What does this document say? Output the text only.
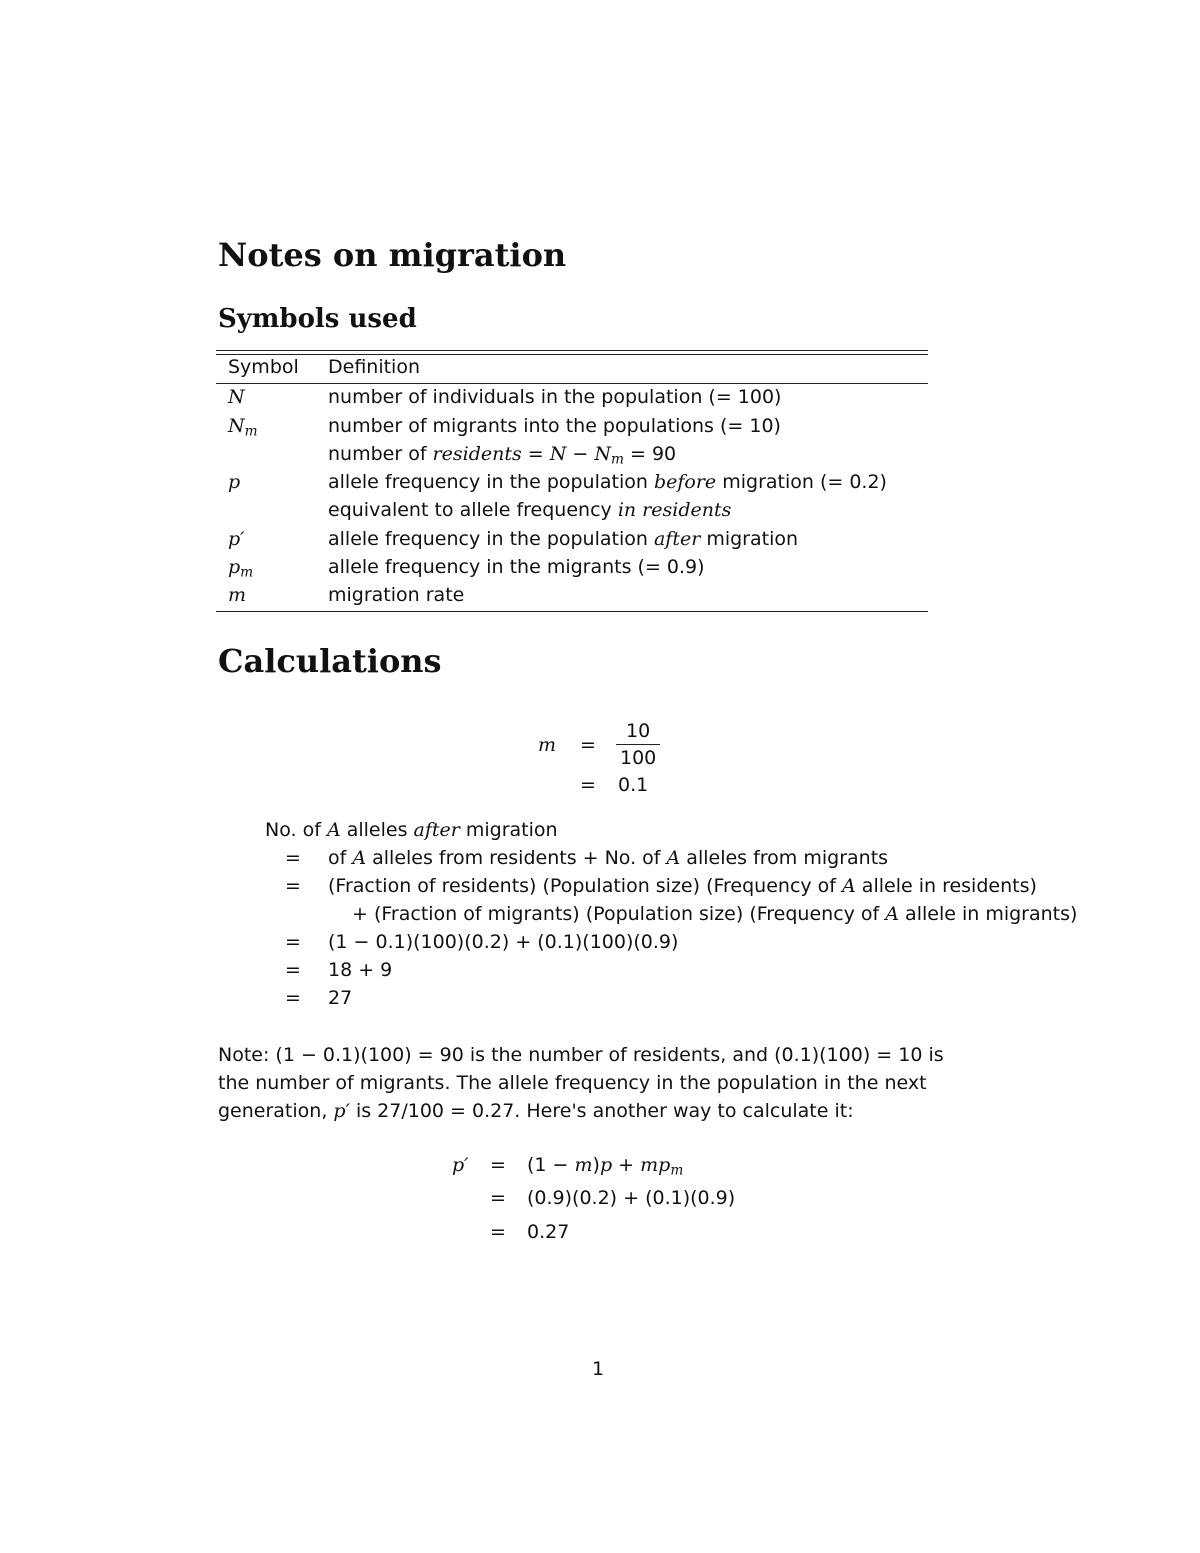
Notes on migration
Symbols used
Symbol Definition
N	number of individuals in the population (= 100)
$N_m$	number of migrants into the populations (= 10)
number of residents = $N - N_m = 90$
p	allele frequency in the population before migration (= 0.2)
equivalent to allele frequency in residents
p′	allele frequency in the population after migration
$p_m$	allele frequency in the migrants (= 0.9)
m	migration rate
Calculations
$m = \frac{10}{100}$
= 0.1
No. of A alleles after migration
= of A alleles from residents + No. of A alleles from migrants
= (Fraction of residents) (Population size) (Frequency of A allele in residents)
+ (Fraction of migrants) (Population size) (Frequency of A allele in migrants)
= (1 − 0.1)(100)(0.2) + (0.1)(100)(0.9)
= 18 + 9
= 27
Note: (1 − 0.1)(100) = 90 is the number of residents, and (0.1)(100) = 10 is
the number of migrants. The allele frequency in the population in the next
generation, p′ is 27/100 = 0.27. Here's another way to calculate it:
$p' = (1 - m)p + mp_m$
= (0.9)(0.2) + (0.1)(0.9)
= 0.27
1
